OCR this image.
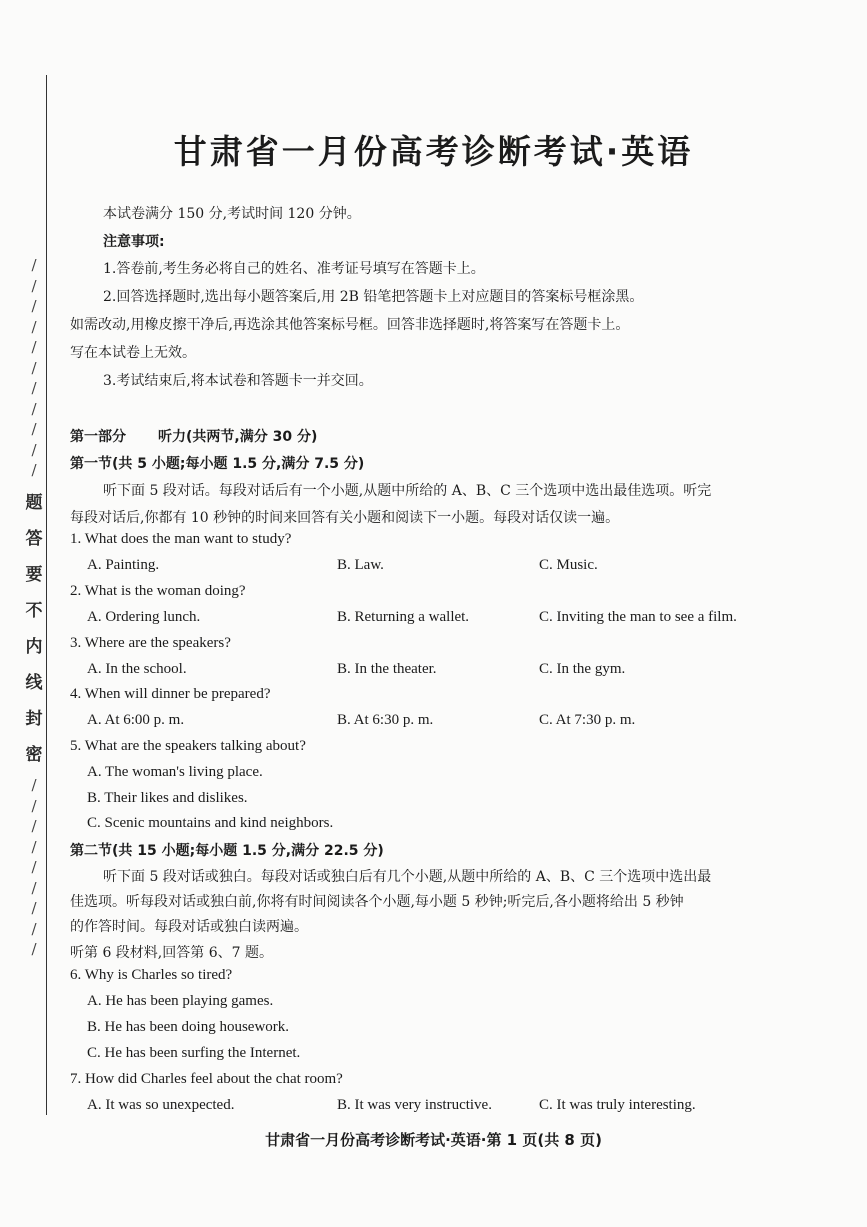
/
/
/
/
/
/
/
/
/
/
/
题
答
要
不
内
线
封
密
/
/
/
/
/
/
/
/
/
甘肃省一月份高考诊断考试·英语
本试卷满分 150 分,考试时间 120 分钟。
注意事项:
1.答卷前,考生务必将自己的姓名、准考证号填写在答题卡上。
2.回答选择题时,选出每小题答案后,用 2B 铅笔把答题卡上对应题目的答案标号框涂黑。
如需改动,用橡皮擦干净后,再选涂其他答案标号框。回答非选择题时,将答案写在答题卡上。
写在本试卷上无效。
3.考试结束后,将本试卷和答题卡一并交回。
第一部分 听力(共两节,满分 30 分)
第一节(共 5 小题;每小题 1.5 分,满分 7.5 分)
听下面 5 段对话。每段对话后有一个小题,从题中所给的 A、B、C 三个选项中选出最佳选项。听完
每段对话后,你都有 10 秒钟的时间来回答有关小题和阅读下一小题。每段对话仅读一遍。
1. What does the man want to study?
A. Painting.	B. Law.	C. Music.
2. What is the woman doing?
A. Ordering lunch.	B. Returning a wallet.	C. Inviting the man to see a film.
3. Where are the speakers?
A. In the school.	B. In the theater.	C. In the gym.
4. When will dinner be prepared?
A. At 6:00 p. m.	B. At 6:30 p. m.	C. At 7:30 p. m.
5. What are the speakers talking about?
A. The woman's living place.
B. Their likes and dislikes.
C. Scenic mountains and kind neighbors.
第二节(共 15 小题;每小题 1.5 分,满分 22.5 分)
听下面 5 段对话或独白。每段对话或独白后有几个小题,从题中所给的 A、B、C 三个选项中选出最
佳选项。听每段对话或独白前,你将有时间阅读各个小题,每小题 5 秒钟;听完后,各小题将给出 5 秒钟
的作答时间。每段对话或独白读两遍。
听第 6 段材料,回答第 6、7 题。
6. Why is Charles so tired?
A. He has been playing games.
B. He has been doing housework.
C. He has been surfing the Internet.
7. How did Charles feel about the chat room?
A. It was so unexpected.	B. It was very instructive.	C. It was truly interesting.
甘肃省一月份高考诊断考试·英语·第 1 页(共 8 页)
